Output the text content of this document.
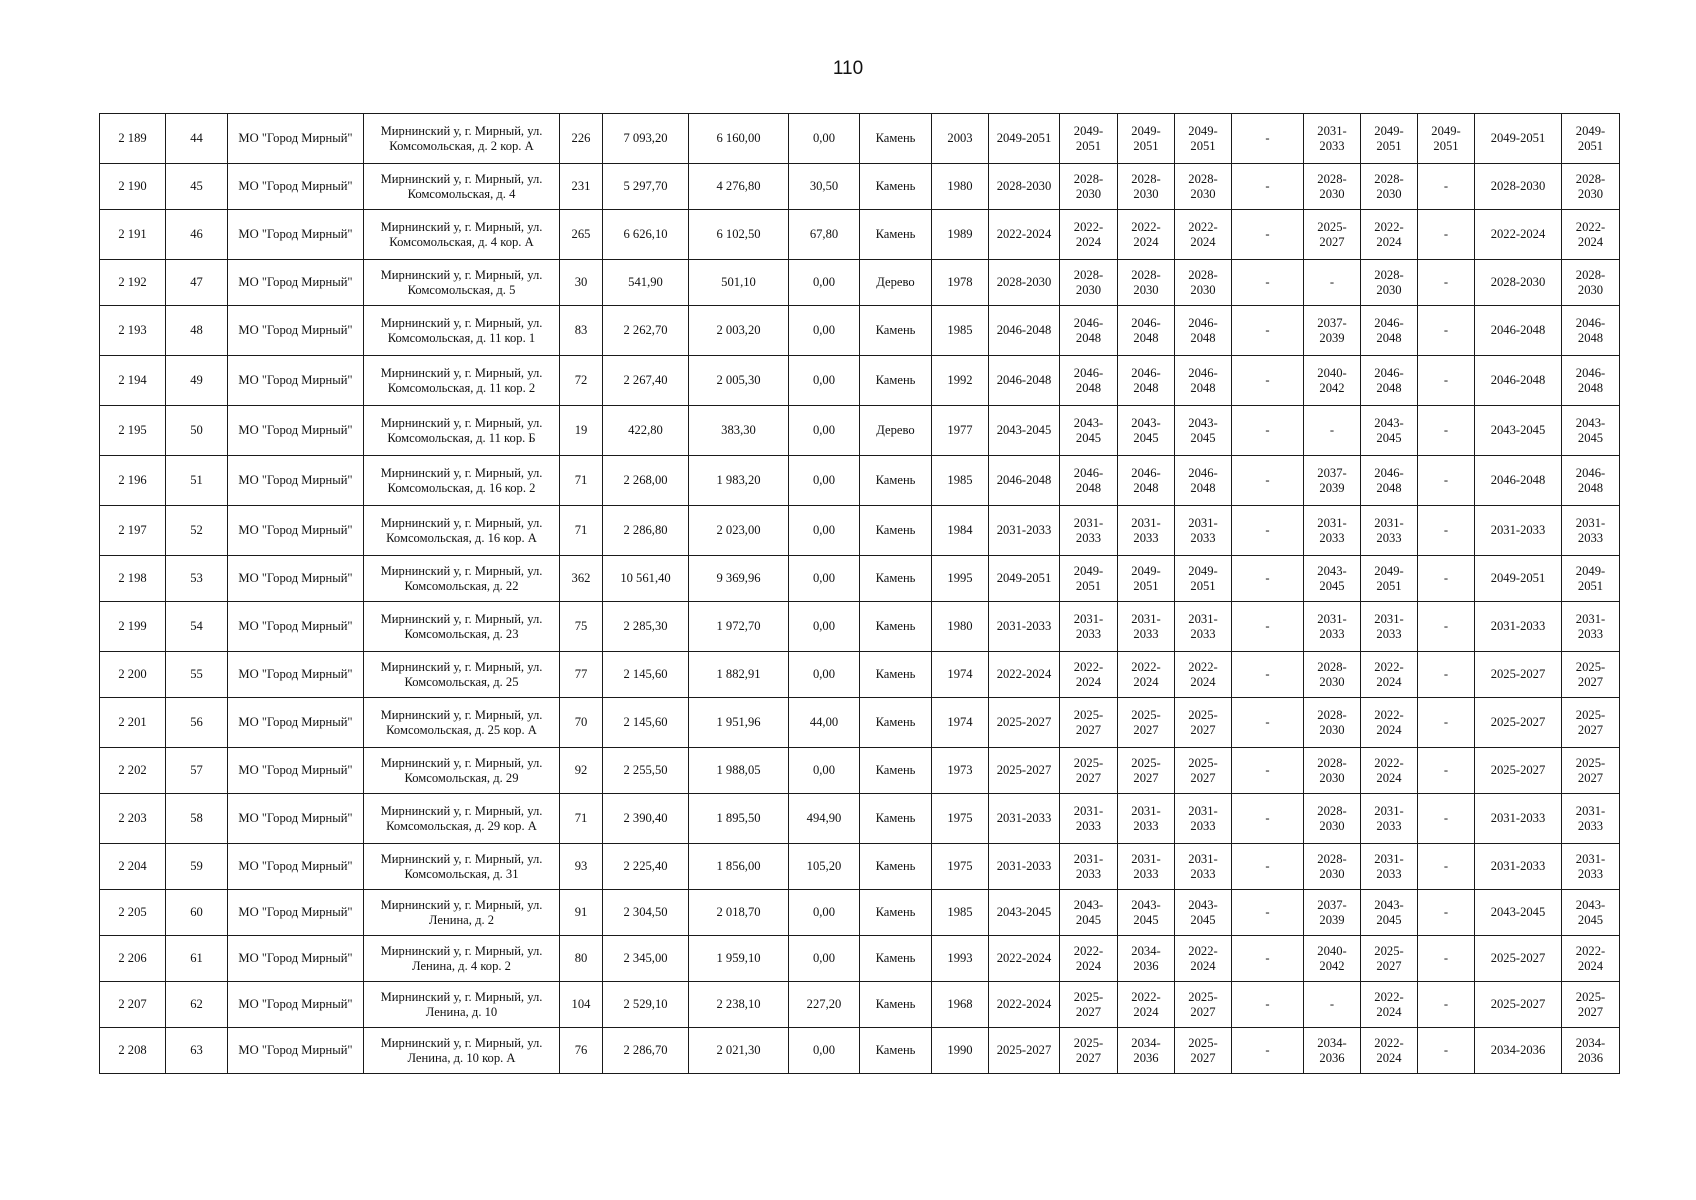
110
2 189	44	МО "Город Мирный"	Мирнинский у, г. Мирный, ул. Комсомольская, д. 2 кор. А	226	7 093,20	6 160,00	0,00	Камень	2003	2049-2051	2049-2051	2049-2051	2049-2051	-	2031-2033	2049-2051	2049-2051	2049-2051	2049-2051
2 190	45	МО "Город Мирный"	Мирнинский у, г. Мирный, ул. Комсомольская, д. 4	231	5 297,70	4 276,80	30,50	Камень	1980	2028-2030	2028-2030	2028-2030	2028-2030	-	2028-2030	2028-2030	-	2028-2030	2028-2030
2 191	46	МО "Город Мирный"	Мирнинский у, г. Мирный, ул. Комсомольская, д. 4 кор. А	265	6 626,10	6 102,50	67,80	Камень	1989	2022-2024	2022-2024	2022-2024	2022-2024	-	2025-2027	2022-2024	-	2022-2024	2022-2024
2 192	47	МО "Город Мирный"	Мирнинский у, г. Мирный, ул. Комсомольская, д. 5	30	541,90	501,10	0,00	Дерево	1978	2028-2030	2028-2030	2028-2030	2028-2030	-	-	2028-2030	-	2028-2030	2028-2030
2 193	48	МО "Город Мирный"	Мирнинский у, г. Мирный, ул. Комсомольская, д. 11 кор. 1	83	2 262,70	2 003,20	0,00	Камень	1985	2046-2048	2046-2048	2046-2048	2046-2048	-	2037-2039	2046-2048	-	2046-2048	2046-2048
2 194	49	МО "Город Мирный"	Мирнинский у, г. Мирный, ул. Комсомольская, д. 11 кор. 2	72	2 267,40	2 005,30	0,00	Камень	1992	2046-2048	2046-2048	2046-2048	2046-2048	-	2040-2042	2046-2048	-	2046-2048	2046-2048
2 195	50	МО "Город Мирный"	Мирнинский у, г. Мирный, ул. Комсомольская, д. 11 кор. Б	19	422,80	383,30	0,00	Дерево	1977	2043-2045	2043-2045	2043-2045	2043-2045	-	-	2043-2045	-	2043-2045	2043-2045
2 196	51	МО "Город Мирный"	Мирнинский у, г. Мирный, ул. Комсомольская, д. 16 кор. 2	71	2 268,00	1 983,20	0,00	Камень	1985	2046-2048	2046-2048	2046-2048	2046-2048	-	2037-2039	2046-2048	-	2046-2048	2046-2048
2 197	52	МО "Город Мирный"	Мирнинский у, г. Мирный, ул. Комсомольская, д. 16 кор. А	71	2 286,80	2 023,00	0,00	Камень	1984	2031-2033	2031-2033	2031-2033	2031-2033	-	2031-2033	2031-2033	-	2031-2033	2031-2033
2 198	53	МО "Город Мирный"	Мирнинский у, г. Мирный, ул. Комсомольская, д. 22	362	10 561,40	9 369,96	0,00	Камень	1995	2049-2051	2049-2051	2049-2051	2049-2051	-	2043-2045	2049-2051	-	2049-2051	2049-2051
2 199	54	МО "Город Мирный"	Мирнинский у, г. Мирный, ул. Комсомольская, д. 23	75	2 285,30	1 972,70	0,00	Камень	1980	2031-2033	2031-2033	2031-2033	2031-2033	-	2031-2033	2031-2033	-	2031-2033	2031-2033
2 200	55	МО "Город Мирный"	Мирнинский у, г. Мирный, ул. Комсомольская, д. 25	77	2 145,60	1 882,91	0,00	Камень	1974	2022-2024	2022-2024	2022-2024	2022-2024	-	2028-2030	2022-2024	-	2025-2027	2025-2027
2 201	56	МО "Город Мирный"	Мирнинский у, г. Мирный, ул. Комсомольская, д. 25 кор. А	70	2 145,60	1 951,96	44,00	Камень	1974	2025-2027	2025-2027	2025-2027	2025-2027	-	2028-2030	2022-2024	-	2025-2027	2025-2027
2 202	57	МО "Город Мирный"	Мирнинский у, г. Мирный, ул. Комсомольская, д. 29	92	2 255,50	1 988,05	0,00	Камень	1973	2025-2027	2025-2027	2025-2027	2025-2027	-	2028-2030	2022-2024	-	2025-2027	2025-2027
2 203	58	МО "Город Мирный"	Мирнинский у, г. Мирный, ул. Комсомольская, д. 29 кор. А	71	2 390,40	1 895,50	494,90	Камень	1975	2031-2033	2031-2033	2031-2033	2031-2033	-	2028-2030	2031-2033	-	2031-2033	2031-2033
2 204	59	МО "Город Мирный"	Мирнинский у, г. Мирный, ул. Комсомольская, д. 31	93	2 225,40	1 856,00	105,20	Камень	1975	2031-2033	2031-2033	2031-2033	2031-2033	-	2028-2030	2031-2033	-	2031-2033	2031-2033
2 205	60	МО "Город Мирный"	Мирнинский у, г. Мирный, ул. Ленина, д. 2	91	2 304,50	2 018,70	0,00	Камень	1985	2043-2045	2043-2045	2043-2045	2043-2045	-	2037-2039	2043-2045	-	2043-2045	2043-2045
2 206	61	МО "Город Мирный"	Мирнинский у, г. Мирный, ул. Ленина, д. 4 кор. 2	80	2 345,00	1 959,10	0,00	Камень	1993	2022-2024	2022-2024	2034-2036	2022-2024	-	2040-2042	2025-2027	-	2025-2027	2022-2024
2 207	62	МО "Город Мирный"	Мирнинский у, г. Мирный, ул. Ленина, д. 10	104	2 529,10	2 238,10	227,20	Камень	1968	2022-2024	2025-2027	2022-2024	2025-2027	-	-	2022-2024	-	2025-2027	2025-2027
2 208	63	МО "Город Мирный"	Мирнинский у, г. Мирный, ул. Ленина, д. 10 кор. А	76	2 286,70	2 021,30	0,00	Камень	1990	2025-2027	2025-2027	2034-2036	2025-2027	-	2034-2036	2022-2024	-	2034-2036	2034-2036
